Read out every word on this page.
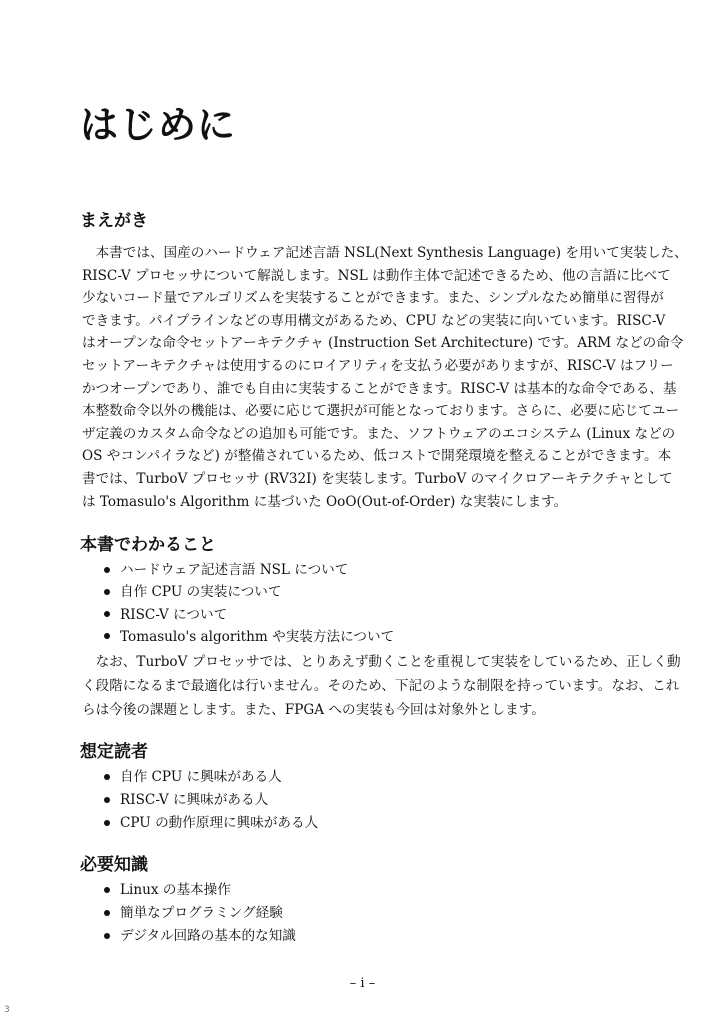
はじめに
まえがき
　本書では、国産のハードウェア記述言語 NSL(Next Synthesis Language) を用いて実装した、
RISC-V プロセッサについて解説します。NSL は動作主体で記述できるため、他の言語に比べて
少ないコード量でアルゴリズムを実装することができます。また、シンプルなため簡単に習得が
できます。パイプラインなどの専用構文があるため、CPU などの実装に向いています。RISC-V
はオープンな命令セットアーキテクチャ (Instruction Set Architecture) です。ARM などの命令
セットアーキテクチャは使用するのにロイアリティを支払う必要がありますが、RISC-V はフリー
かつオープンであり、誰でも自由に実装することができます。RISC-V は基本的な命令である、基
本整数命令以外の機能は、必要に応じて選択が可能となっております。さらに、必要に応じてユー
ザ定義のカスタム命令などの追加も可能です。また、ソフトウェアのエコシステム (Linux などの
OS やコンパイラなど) が整備されているため、低コストで開発環境を整えることができます。本
書では、TurboV プロセッサ (RV32I) を実装します。TurboV のマイクロアーキテクチャとして
は Tomasulo's Algorithm に基づいた OoO(Out-of-Order) な実装にします。
本書でわかること
ハードウェア記述言語 NSL について
自作 CPU の実装について
RISC-V について
Tomasulo's algorithm や実装方法について
　なお、TurboV プロセッサでは、とりあえず動くことを重視して実装をしているため、正しく動
く段階になるまで最適化は行いません。そのため、下記のような制限を持っています。なお、これ
らは今後の課題とします。また、FPGA への実装も今回は対象外とします。
想定読者
自作 CPU に興味がある人
RISC-V に興味がある人
CPU の動作原理に興味がある人
必要知識
Linux の基本操作
簡単なプログラミング経験
デジタル回路の基本的な知識
– i –
3
